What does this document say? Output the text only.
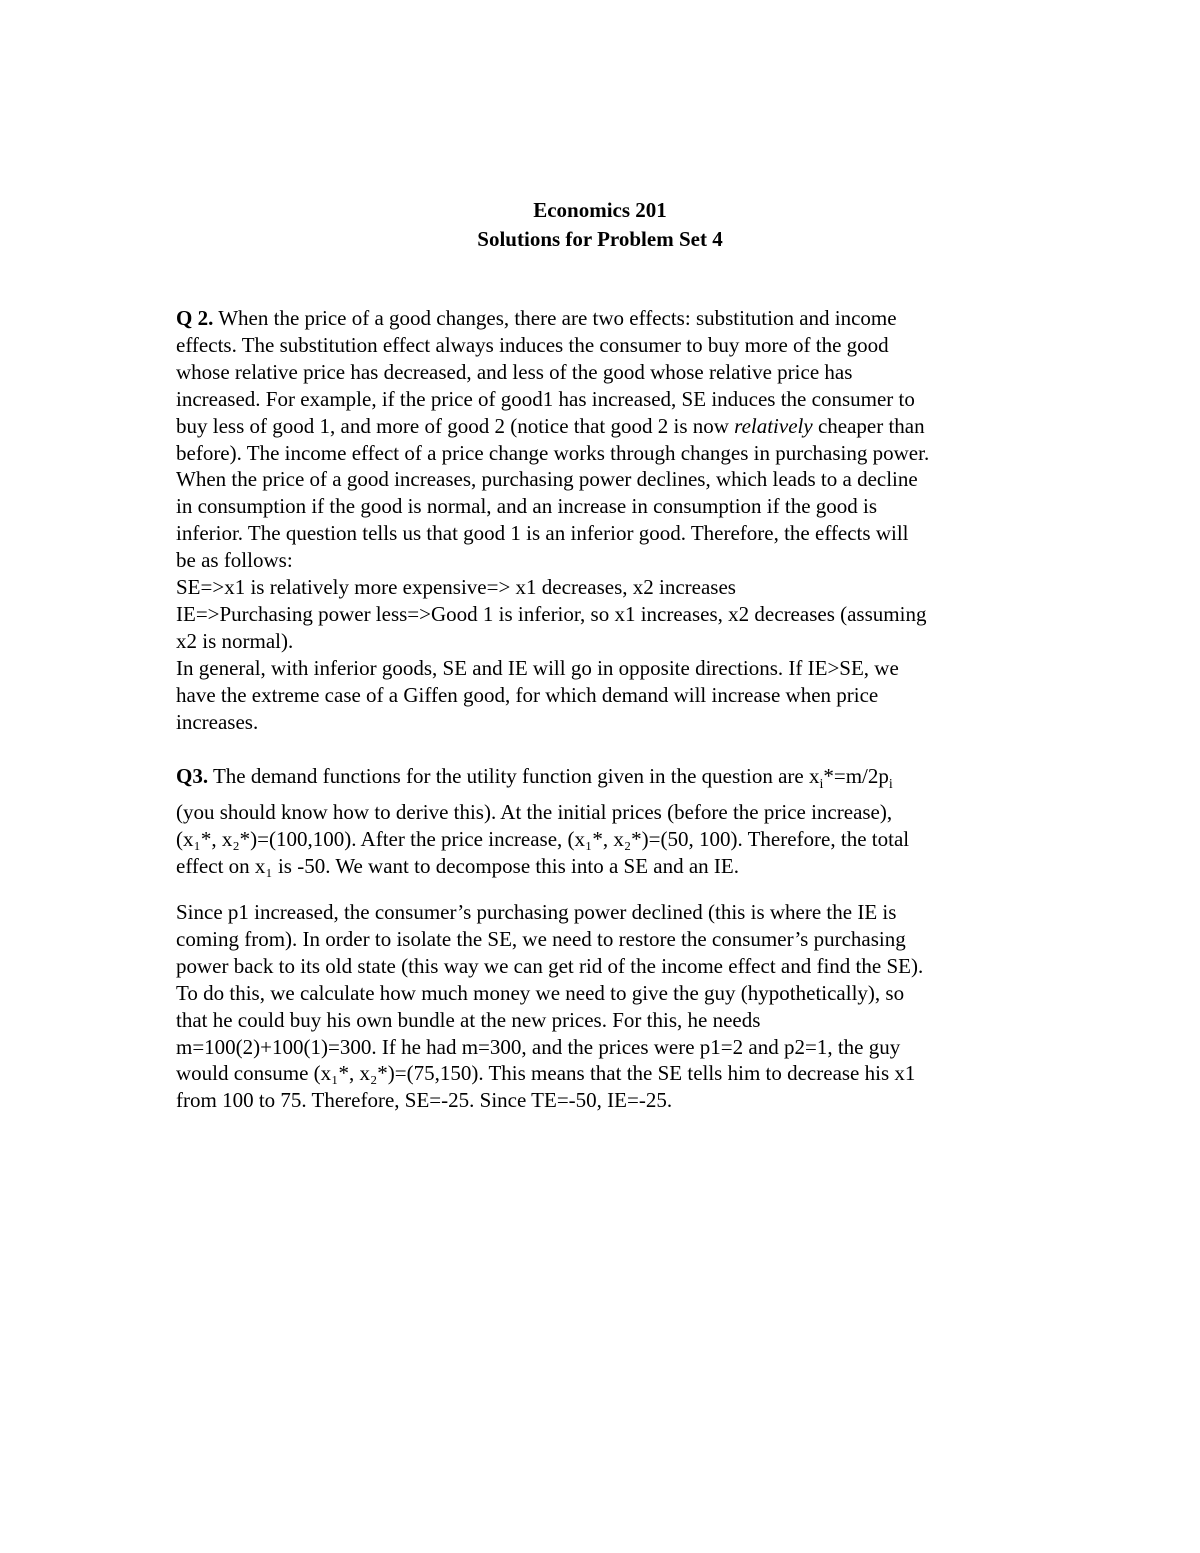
Economics 201
Solutions for Problem Set 4
Q 2. When the price of a good changes, there are two effects: substitution and income
effects. The substitution effect always induces the consumer to buy more of the good
whose relative price has decreased, and less of the good whose relative price has
increased. For example, if the price of good1 has increased, SE induces the consumer to
buy less of good 1, and more of good 2 (notice that good 2 is now relatively cheaper than
before). The income effect of a price change works through changes in purchasing power.
When the price of a good increases, purchasing power declines, which leads to a decline
in consumption if the good is normal, and an increase in consumption if the good is
inferior. The question tells us that good 1 is an inferior good. Therefore, the effects will
be as follows:
SE=>x1 is relatively more expensive=> x1 decreases, x2 increases
IE=>Purchasing power less=>Good 1 is inferior, so x1 increases, x2 decreases (assuming
x2 is normal).
In general, with inferior goods, SE and IE will go in opposite directions. If IE>SE, we
have the extreme case of a Giffen good, for which demand will increase when price
increases.
Q3. The demand functions for the utility function given in the question are $x_i*=m/2p_i$
(you should know how to derive this). At the initial prices (before the price increase),
(x₁*, x₂*)=(100,100). After the price increase, (x₁*, x₂*)=(50, 100). Therefore, the total
effect on x₁ is -50. We want to decompose this into a SE and an IE.
Since p1 increased, the consumer’s purchasing power declined (this is where the IE is
coming from). In order to isolate the SE, we need to restore the consumer’s purchasing
power back to its old state (this way we can get rid of the income effect and find the SE).
To do this, we calculate how much money we need to give the guy (hypothetically), so
that he could buy his own bundle at the new prices. For this, he needs
m=100(2)+100(1)=300. If he had m=300, and the prices were p1=2 and p2=1, the guy
would consume (x₁*, x₂*)=(75,150). This means that the SE tells him to decrease his x1
from 100 to 75. Therefore, SE=-25. Since TE=-50, IE=-25.
